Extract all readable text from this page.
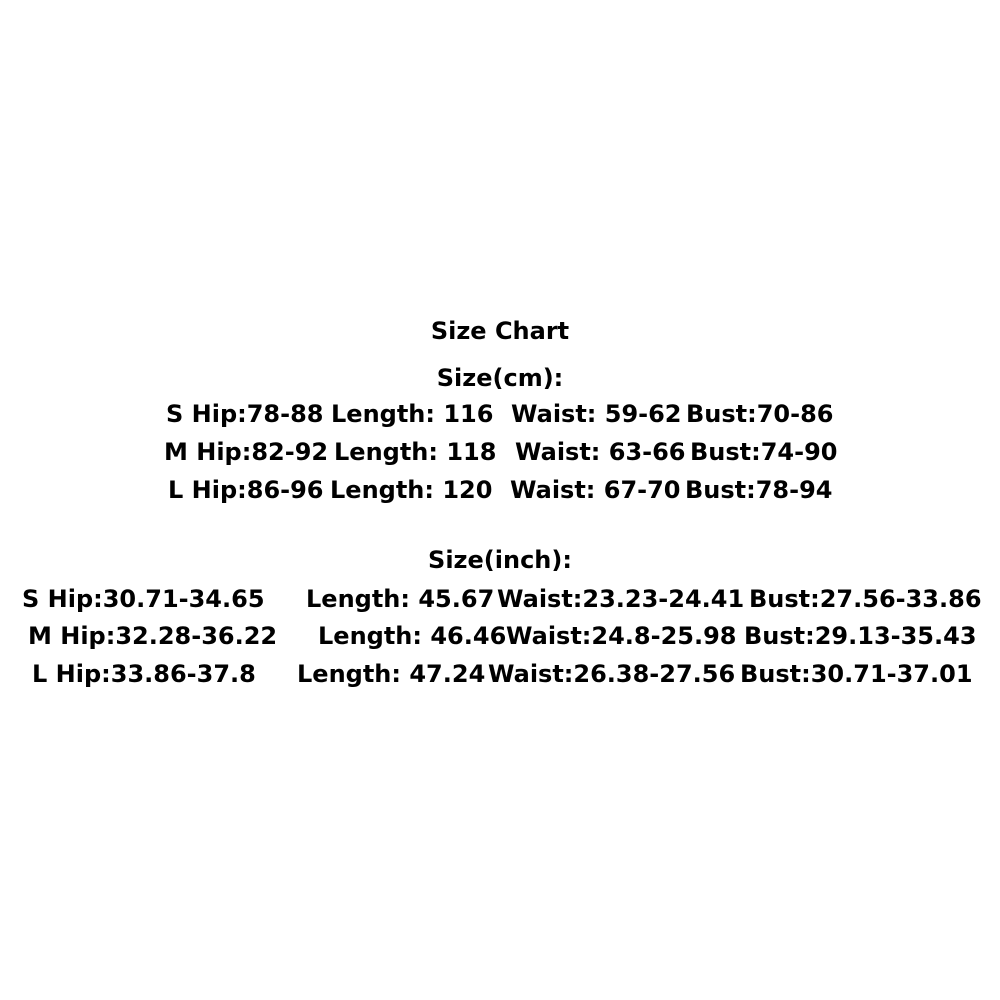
Size Chart
Size(cm):

S Hip:78-88

Length: 116

Waist: 59-62

Bust:70-86

M Hip:82-92

Length: 118

Waist: 63-66

Bust:74-90

L Hip:86-96

Length: 120

Waist: 67-70

Bust:78-94

Size(inch):

S Hip:30.71-34.65

Length: 45.67

Waist:23.23-24.41

Bust:27.56-33.86

M Hip:32.28-36.22

Length: 46.46

Waist:24.8-25.98

Bust:29.13-35.43

L Hip:33.86-37.8

Length: 47.24

Waist:26.38-27.56

Bust:30.71-37.01
